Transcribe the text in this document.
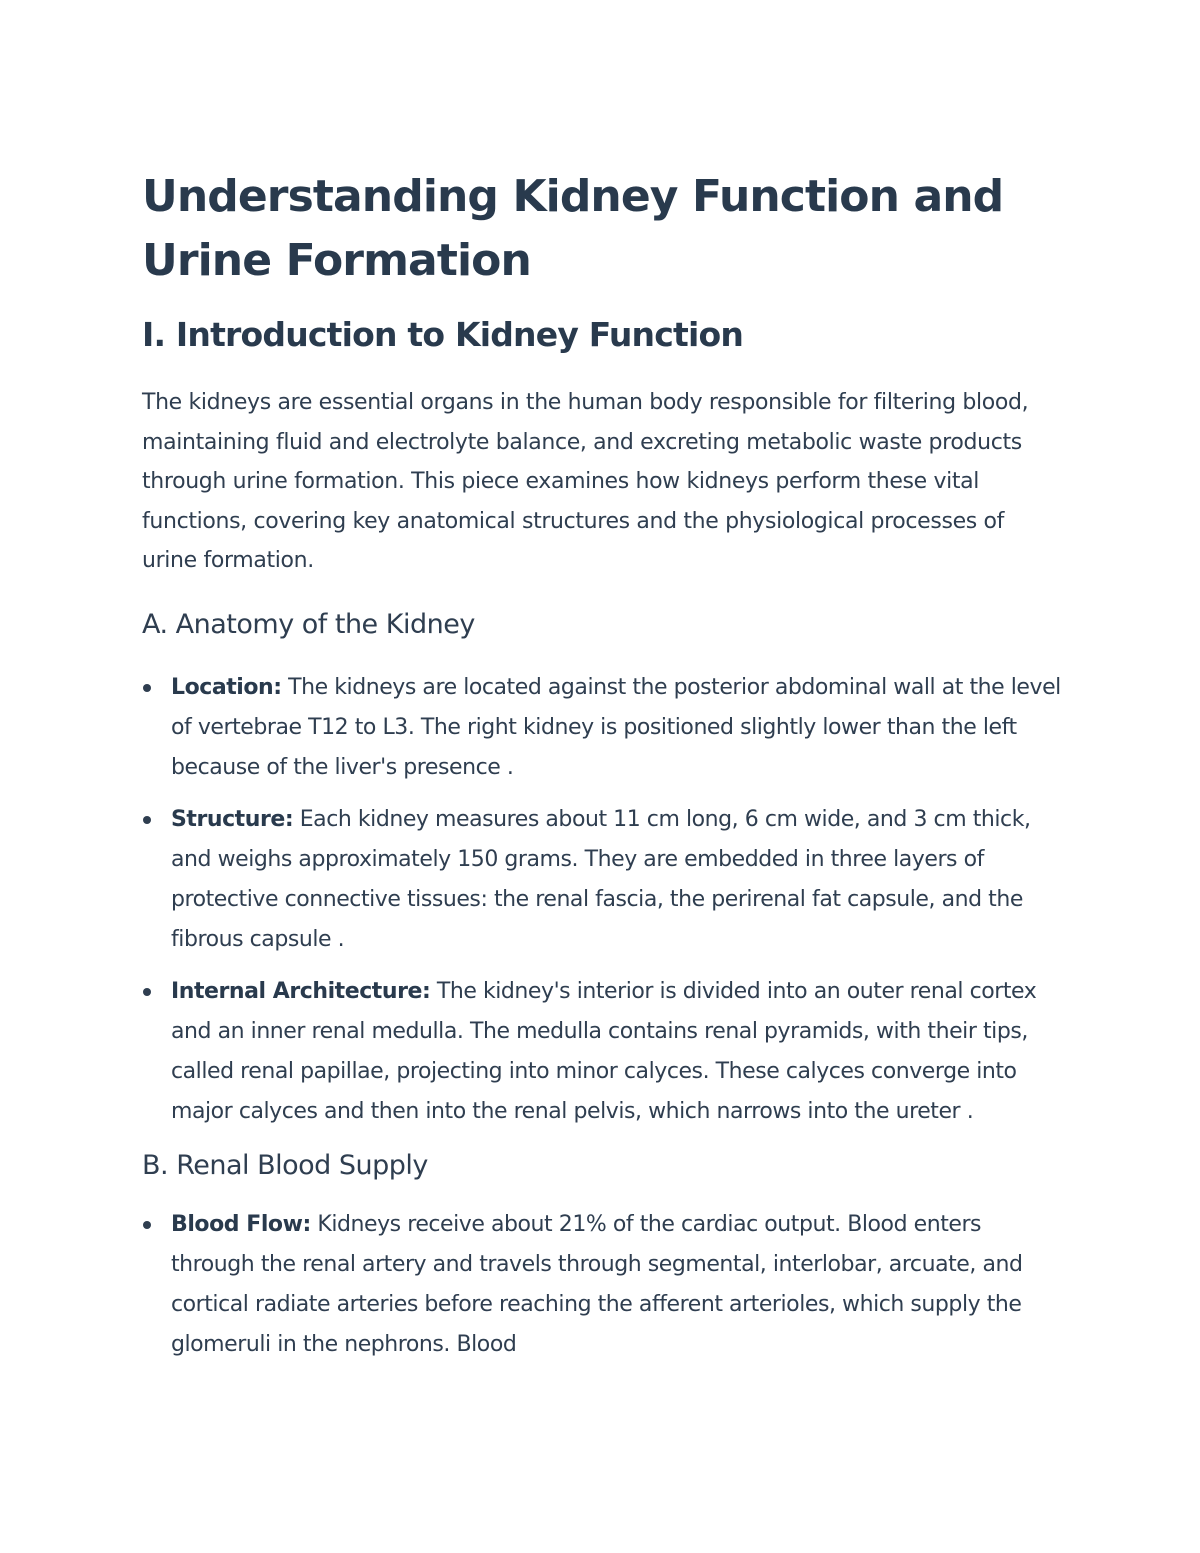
Understanding Kidney Function and Urine Formation
I. Introduction to Kidney Function

The kidneys are essential organs in the human body responsible for filtering blood, maintaining fluid and electrolyte balance, and excreting metabolic waste products through urine formation. This piece examines how kidneys perform these vital functions, covering key anatomical structures and the physiological processes of urine formation.

A. Anatomy of the Kidney
Location: The kidneys are located against the posterior abdominal wall at the level of vertebrae T12 to L3. The right kidney is positioned slightly lower than the left because of the liver's presence .
Structure: Each kidney measures about 11 cm long, 6 cm wide, and 3 cm thick, and weighs approximately 150 grams. They are embedded in three layers of protective connective tissues: the renal fascia, the perirenal fat capsule, and the fibrous capsule .
Internal Architecture: The kidney's interior is divided into an outer renal cortex and an inner renal medulla. The medulla contains renal pyramids, with their tips, called renal papillae, projecting into minor calyces. These calyces converge into major calyces and then into the renal pelvis, which narrows into the ureter .
B. Renal Blood Supply
Blood Flow: Kidneys receive about 21% of the cardiac output. Blood enters through the renal artery and travels through segmental, interlobar, arcuate, and cortical radiate arteries before reaching the afferent arterioles, which supply the glomeruli in the nephrons. Blood
